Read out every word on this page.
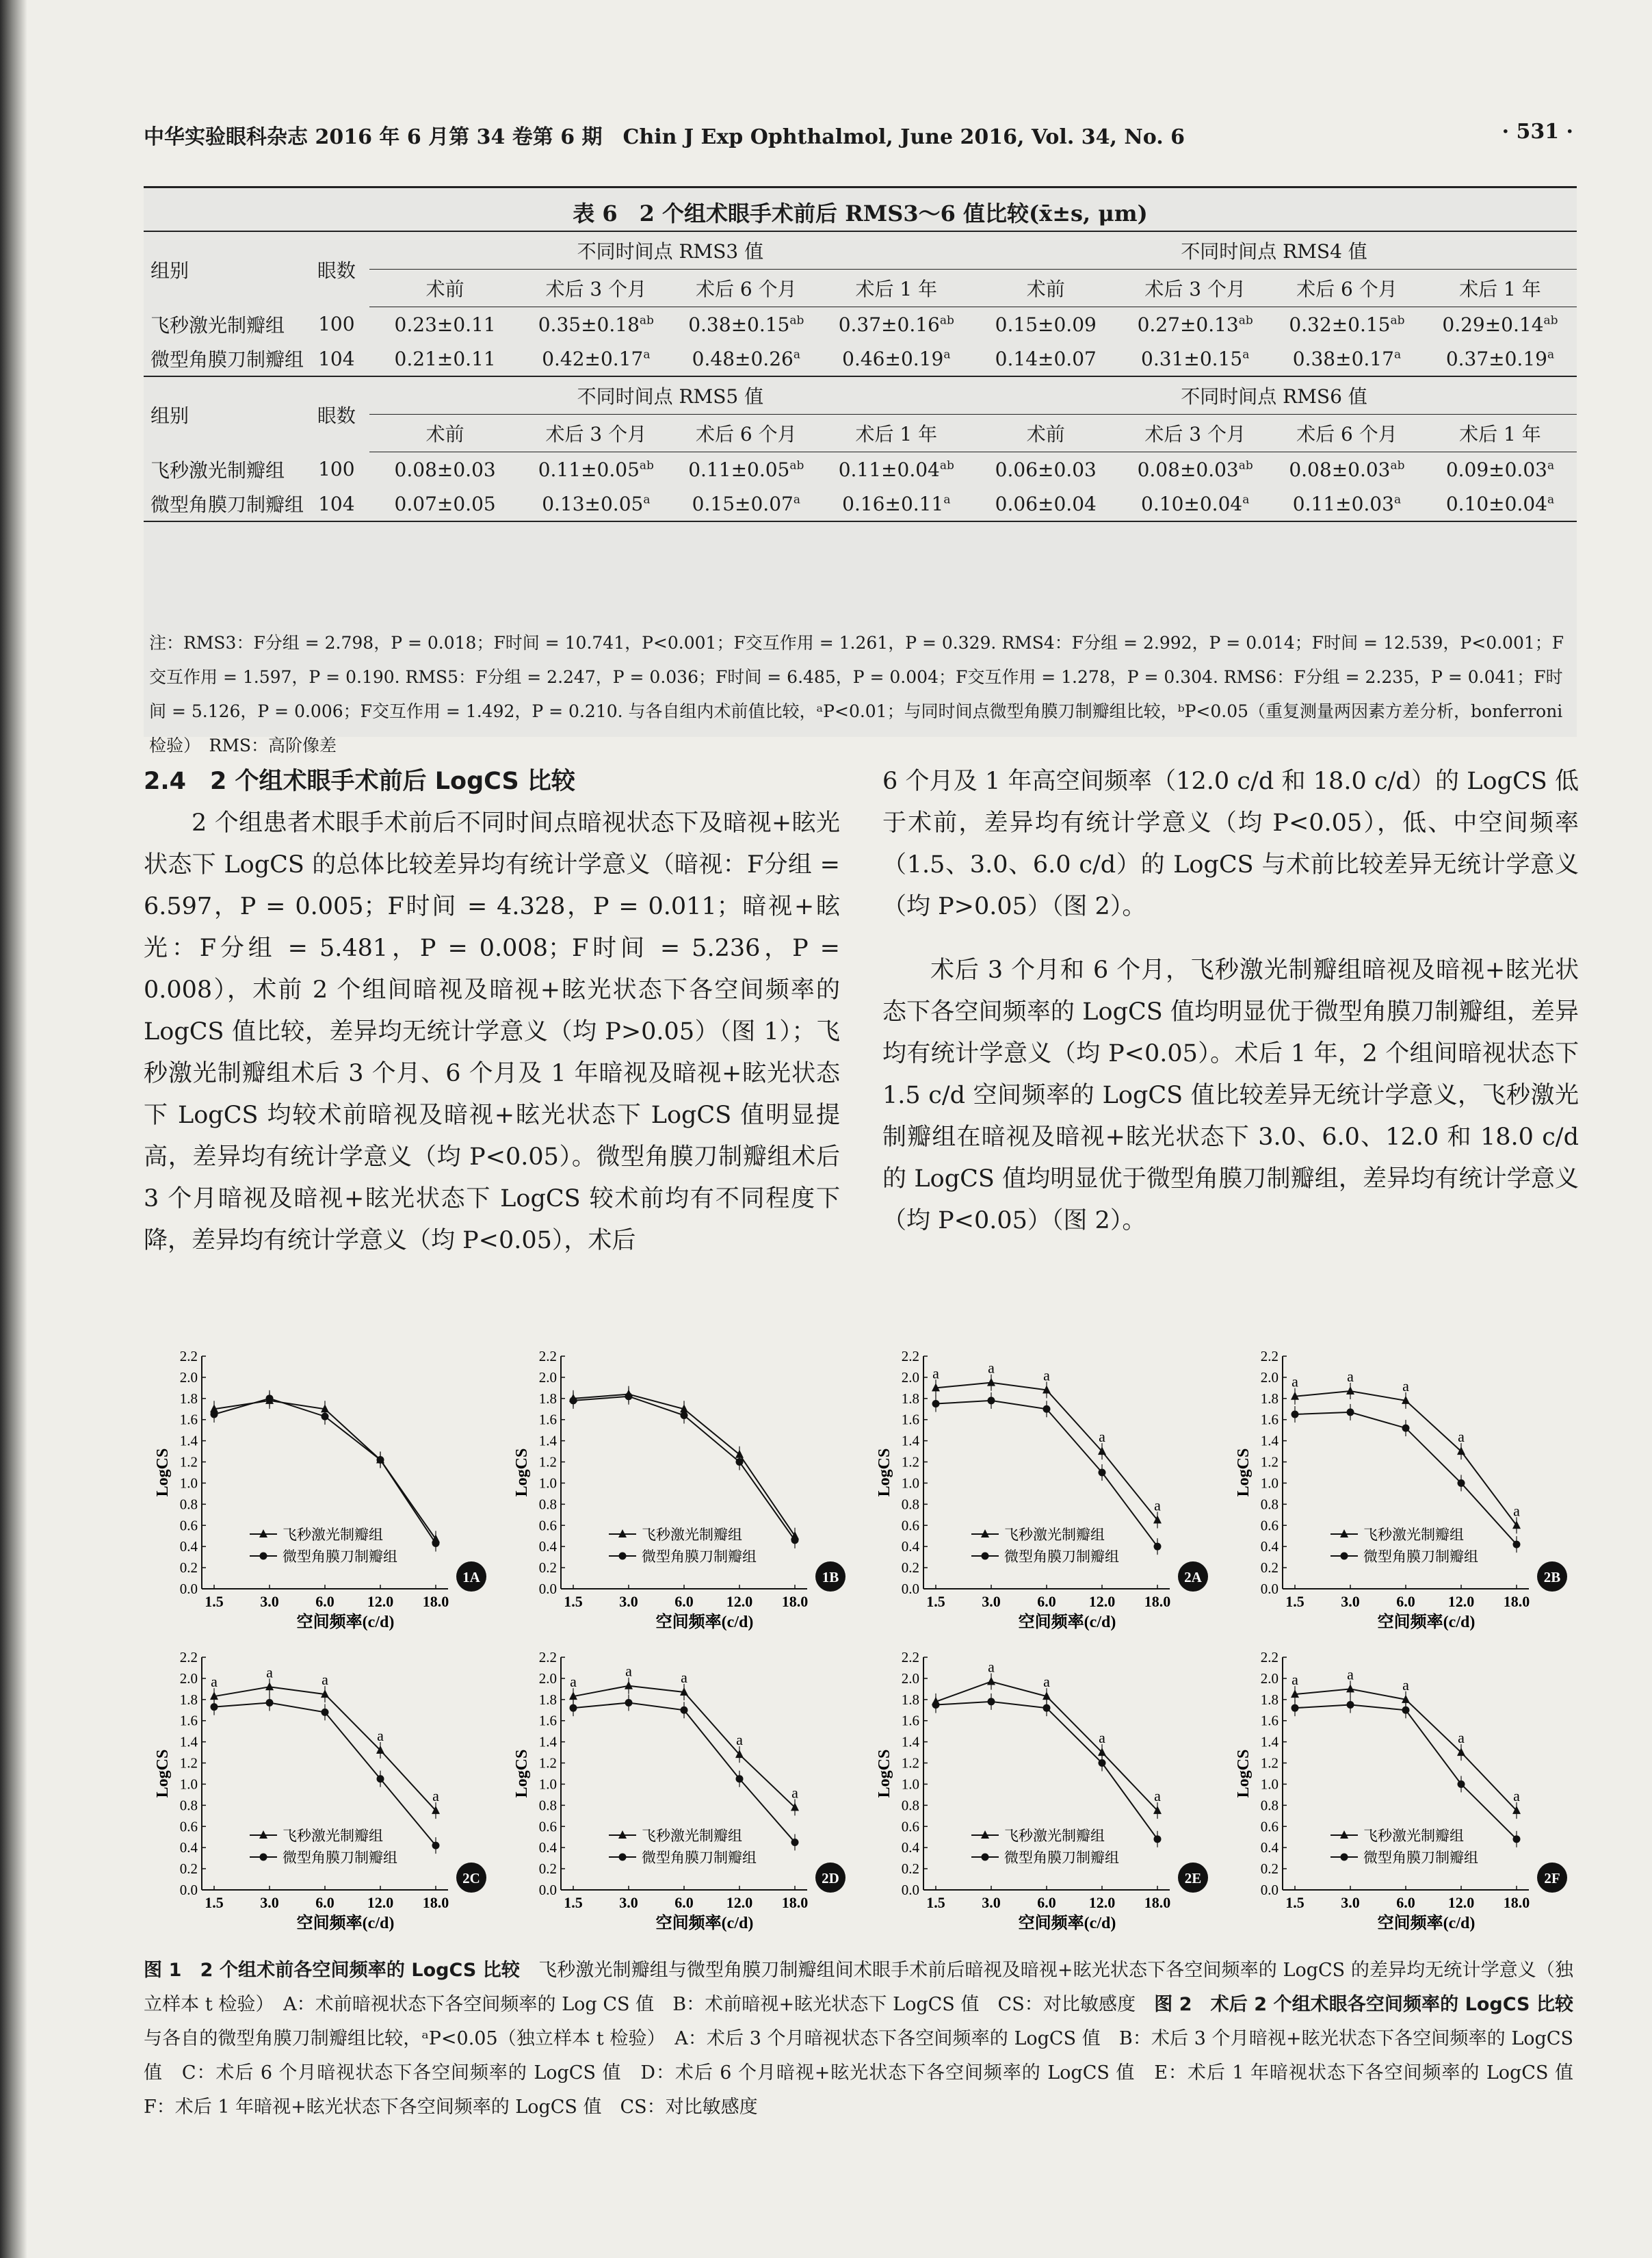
中华实验眼科杂志 2016 年 6 月第 34 卷第 6 期　Chin J Exp Ophthalmol, June 2016, Vol. 34, No. 6	· 531 ·
表 6　2 个组术眼手术前后 RMS3～6 值比较(x̄±s, μm)
组别	眼数	不同时间点 RMS3 值				不同时间点 RMS4 值			
		术前	术后 3 个月	术后 6 个月	术后 1 年	术前	术后 3 个月	术后 6 个月	术后 1 年
飞秒激光制瓣组	100	0.23±0.11	0.35±0.18$^{ab}$	0.38±0.15$^{ab}$	0.37±0.16$^{ab}$	0.15±0.09	0.27±0.13$^{ab}$	0.32±0.15$^{ab}$	0.29±0.14$^{ab}$
微型角膜刀制瓣组	104	0.21±0.11	0.42±0.17$^a$	0.48±0.26$^a$	0.46±0.19$^a$	0.14±0.07	0.31±0.15$^a$	0.38±0.17$^a$	0.37±0.19$^a$
组别	眼数	不同时间点 RMS5 值				不同时间点 RMS6 值			
		术前	术后 3 个月	术后 6 个月	术后 1 年	术前	术后 3 个月	术后 6 个月	术后 1 年
飞秒激光制瓣组	100	0.08±0.03	0.11±0.05$^{ab}$	0.11±0.05$^{ab}$	0.11±0.04$^{ab}$	0.06±0.03	0.08±0.03$^{ab}$	0.08±0.03$^{ab}$	0.09±0.03$^a$
微型角膜刀制瓣组	104	0.07±0.05	0.13±0.05$^a$	0.15±0.07$^a$	0.16±0.11$^a$	0.06±0.04	0.10±0.04$^a$	0.11±0.03$^a$	0.10±0.04$^a$
注：RMS3：F分组 = 2.798，P = 0.018；F时间 = 10.741，P<0.001；F交互作用 = 1.261，P = 0.329. RMS4：F分组 = 2.992，P = 0.014；F时间 = 12.539，P<0.001；F交互作用 = 1.597，P = 0.190. RMS5：F分组 = 2.247，P = 0.036；F时间 = 6.485，P = 0.004；F交互作用 = 1.278，P = 0.304. RMS6：F分组 = 2.235，P = 0.041；F时间 = 5.126，P = 0.006；F交互作用 = 1.492，P = 0.210. 与各自组内术前值比较，ᵃP<0.01；与同时间点微型角膜刀制瓣组比较，ᵇP<0.05（重复测量两因素方差分析，bonferroni 检验）　RMS：高阶像差
2.4　2 个组术眼手术前后 LogCS 比较

2 个组患者术眼手术前后不同时间点暗视状态下及暗视+眩光状态下 LogCS 的总体比较差异均有统计学意义（暗视：F分组 = 6.597，P = 0.005；F时间 = 4.328，P = 0.011；暗视+眩光：F分组 = 5.481，P = 0.008；F时间 = 5.236，P = 0.008），术前 2 个组间暗视及暗视+眩光状态下各空间频率的 LogCS 值比较，差异均无统计学意义（均 P>0.05）（图 1）；飞秒激光制瓣组术后 3 个月、6 个月及 1 年暗视及暗视+眩光状态下 LogCS 均较术前暗视及暗视+眩光状态下 LogCS 值明显提高，差异均有统计学意义（均 P<0.05）。微型角膜刀制瓣组术后 3 个月暗视及暗视+眩光状态下 LogCS 较术前均有不同程度下降，差异均有统计学意义（均 P<0.05），术后

6 个月及 1 年高空间频率（12.0 c/d 和 18.0 c/d）的 LogCS 低于术前，差异均有统计学意义（均 P<0.05），低、中空间频率（1.5、3.0、6.0 c/d）的 LogCS 与术前比较差异无统计学意义（均 P>0.05）（图 2）。

术后 3 个月和 6 个月，飞秒激光制瓣组暗视及暗视+眩光状态下各空间频率的 LogCS 值均明显优于微型角膜刀制瓣组，差异均有统计学意义（均 P<0.05）。术后 1 年，2 个组间暗视状态下 1.5 c/d 空间频率的 LogCS 值比较差异无统计学意义，飞秒激光制瓣组在暗视及暗视+眩光状态下 3.0、6.0、12.0 和 18.0 c/d 的 LogCS 值均明显优于微型角膜刀制瓣组，差异均有统计学意义（均 P<0.05）（图 2）。

0.0
0.2
0.4
0.6
0.8
1.0
1.2
1.4
1.6
1.8
2.0
2.2
1.5 3.0 6.0 12.0 18.0
LogCS
空间频率(c/d)
飞秒激光制瓣组
微型角膜刀制瓣组
1A
0.0
0.2
0.4
0.6
0.8
1.0
1.2
1.4
1.6
1.8
2.0
2.2
1.5 3.0 6.0 12.0 18.0
LogCS
空间频率(c/d)
飞秒激光制瓣组
微型角膜刀制瓣组
1B
0.0
0.2
0.4
0.6
0.8
1.0
1.2
1.4
1.6
1.8
2.0
2.2
1.5 3.0 6.0 12.0 18.0
LogCS
空间频率(c/d)
飞秒激光制瓣组
微型角膜刀制瓣组
a	a	a
a
a
2A
0.0
0.2
0.4
0.6
0.8
1.0
1.2
1.4
1.6
1.8
2.0
2.2
1.5 3.0 6.0 12.0 18.0
LogCS
空间频率(c/d)
飞秒激光制瓣组
微型角膜刀制瓣组
a	a
a
a
a
2B
0.0
0.2
0.4
0.6
0.8
1.0
1.2
1.4
1.6
1.8
2.0
2.2
1.5 3.0 6.0 12.0 18.0
LogCS
空间频率(c/d)
飞秒激光制瓣组
微型角膜刀制瓣组
a
a	a
a
a
2C
0.0
0.2
0.4
0.6
0.8
1.0
1.2
1.4
1.6
1.8
2.0
2.2
1.5 3.0 6.0 12.0 18.0
LogCS
空间频率(c/d)
飞秒激光制瓣组
微型角膜刀制瓣组
a
a	a
a
a
2D
0.0
0.2
0.4
0.6
0.8
1.0
1.2
1.4
1.6
1.8
2.0
2.2
1.5 3.0 6.0 12.0 18.0
LogCS
空间频率(c/d)
飞秒激光制瓣组
微型角膜刀制瓣组
a
a
a
a
2E
0.0
0.2
0.4
0.6
0.8
1.0
1.2
1.4
1.6
1.8
2.0
2.2
1.5 3.0 6.0 12.0 18.0
LogCS
空间频率(c/d)
飞秒激光制瓣组
微型角膜刀制瓣组
a	a
a
a
a
2F
图 1　2 个组术前各空间频率的 LogCS 比较　 飞秒激光制瓣组与微型角膜刀制瓣组间术眼手术前后暗视及暗视+眩光状态下各空间频率的 LogCS 的差异均无统计学意义（独立样本 t 检验）　A：术前暗视状态下各空间频率的 Log CS 值　B：术前暗视+眩光状态下 LogCS 值　CS：对比敏感度　 图 2　术后 2 个组术眼各空间频率的 LogCS 比较　与各自的微型角膜刀制瓣组比较，ᵃP<0.05（独立样本 t 检验）　A：术后 3 个月暗视状态下各空间频率的 LogCS 值　B：术后 3 个月暗视+眩光状态下各空间频率的 LogCS 值　C：术后 6 个月暗视状态下各空间频率的 LogCS 值　D：术后 6 个月暗视+眩光状态下各空间频率的 LogCS 值　E：术后 1 年暗视状态下各空间频率的 LogCS 值　F：术后 1 年暗视+眩光状态下各空间频率的 LogCS 值　CS：对比敏感度
